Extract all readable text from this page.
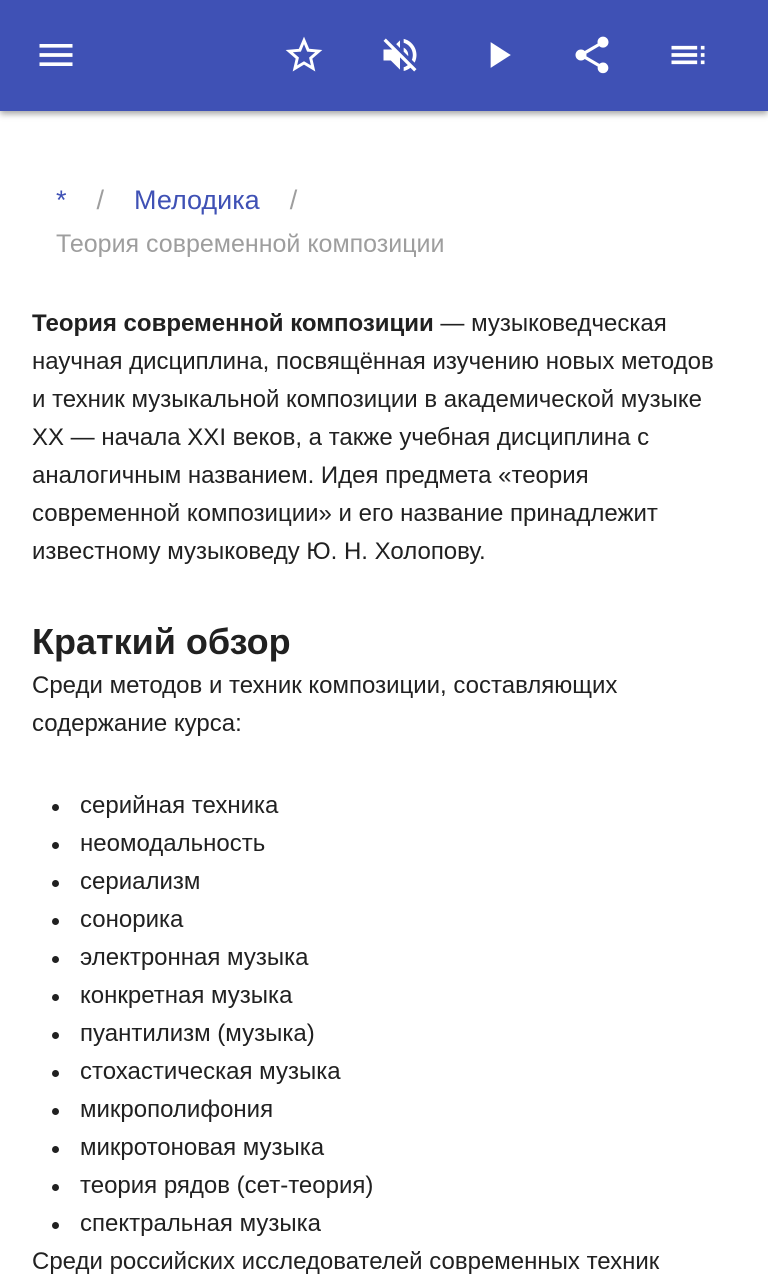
* / Мелодика /
Теория современной композиции

Теория современной композиции — музыковедческая научная дисциплина, посвящённая изучению новых методов и техник музыкальной композиции в академической музыке XX — начала XXI веков, а также учебная дисциплина с аналогичным названием. Идея предмета «теория современной композиции» и его название принадлежит известному музыковеду Ю. Н. Холопову.

Краткий обзор

Среди методов и техник композиции, составляющих содержание курса:

серийная техника
неомодальность
сериализм
сонорика
электронная музыка
конкретная музыка
пуантилизм (музыка)
стохастическая музыка
микрополифония
микротоновая музыка
теория рядов (сет-теория)
спектральная музыка

Среди российских исследователей современных техник
